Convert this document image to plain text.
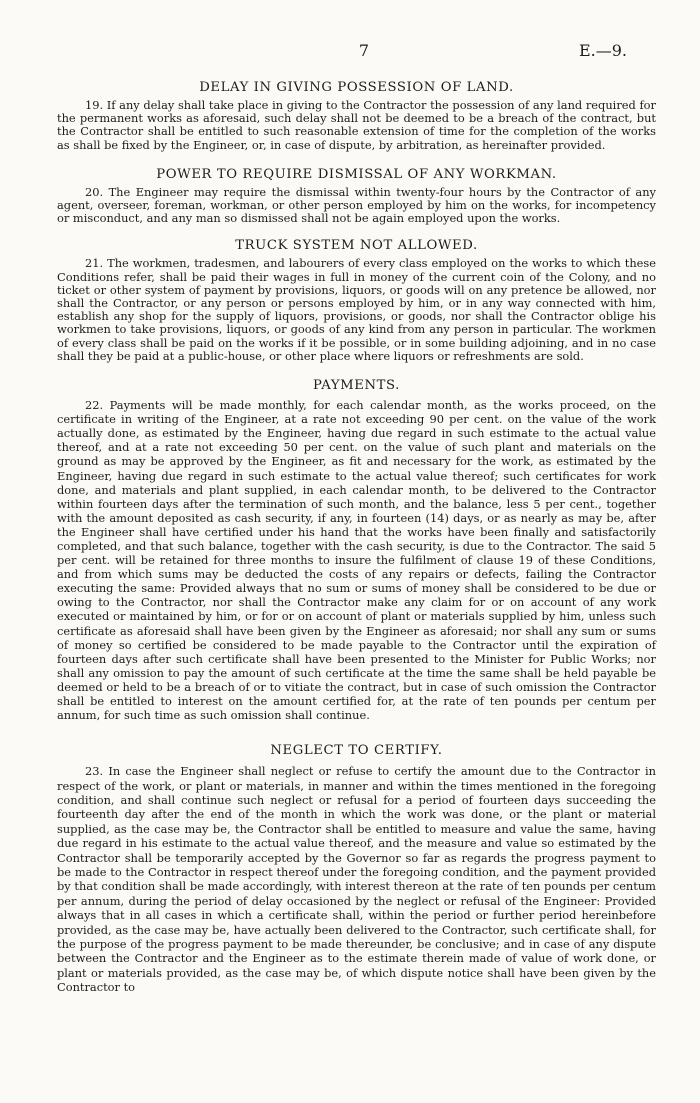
7	E.—9.

DELAY IN GIVING POSSESSION OF LAND.

19. If any delay shall take place in giving to the Contractor the possession of any land required for the permanent works as aforesaid, such delay shall not be deemed to be a breach of the contract, but the Contractor shall be entitled to such reasonable extension of time for the completion of the works as shall be fixed by the Engineer, or, in case of dispute, by arbitration, as hereinafter provided.

POWER TO REQUIRE DISMISSAL OF ANY WORKMAN.

20. The Engineer may require the dismissal within twenty-four hours by the Contractor of any agent, overseer, foreman, workman, or other person employed by him on the works, for incompetency or misconduct, and any man so dismissed shall not be again employed upon the works.

TRUCK SYSTEM NOT ALLOWED.

21. The workmen, tradesmen, and labourers of every class employed on the works to which these Conditions refer, shall be paid their wages in full in money of the current coin of the Colony, and no ticket or other system of payment by provisions, liquors, or goods will on any pretence be allowed, nor shall the Contractor, or any person or persons employed by him, or in any way connected with him, establish any shop for the supply of liquors, provisions, or goods, nor shall the Contractor oblige his workmen to take provisions, liquors, or goods of any kind from any person in particular. The workmen of every class shall be paid on the works if it be possible, or in some building adjoining, and in no case shall they be paid at a public-house, or other place where liquors or refreshments are sold.

PAYMENTS.

22. Payments will be made monthly, for each calendar month, as the works proceed, on the certificate in writing of the Engineer, at a rate not exceeding 90 per cent. on the value of the work actually done, as estimated by the Engineer, having due regard in such estimate to the actual value thereof, and at a rate not exceeding 50 per cent. on the value of such plant and materials on the ground as may be approved by the Engineer, as fit and necessary for the work, as estimated by the Engineer, having due regard in such estimate to the actual value thereof; such certificates for work done, and materials and plant supplied, in each calendar month, to be delivered to the Contractor within fourteen days after the termination of such month, and the balance, less 5 per cent., together with the amount deposited as cash security, if any, in fourteen (14) days, or as nearly as may be, after the Engineer shall have certified under his hand that the works have been finally and satisfactorily completed, and that such balance, together with the cash security, is due to the Contractor. The said 5 per cent. will be retained for three months to insure the fulfilment of clause 19 of these Conditions, and from which sums may be deducted the costs of any repairs or defects, failing the Contractor executing the same: Provided always that no sum or sums of money shall be considered to be due or owing to the Contractor, nor shall the Contractor make any claim for or on account of any work executed or maintained by him, or for or on account of plant or materials supplied by him, unless such certificate as aforesaid shall have been given by the Engineer as aforesaid; nor shall any sum or sums of money so certified be considered to be made payable to the Contractor until the expiration of fourteen days after such certificate shall have been presented to the Minister for Public Works; nor shall any omission to pay the amount of such certificate at the time the same shall be held payable be deemed or held to be a breach of or to vitiate the contract, but in case of such omission the Contractor shall be entitled to interest on the amount certified for, at the rate of ten pounds per centum per annum, for such time as such omission shall continue.

NEGLECT TO CERTIFY.

23. In case the Engineer shall neglect or refuse to certify the amount due to the Contractor in respect of the work, or plant or materials, in manner and within the times mentioned in the foregoing condition, and shall continue such neglect or refusal for a period of fourteen days succeeding the fourteenth day after the end of the month in which the work was done, or the plant or material supplied, as the case may be, the Contractor shall be entitled to measure and value the same, having due regard in his estimate to the actual value thereof, and the measure and value so estimated by the Contractor shall be temporarily accepted by the Governor so far as regards the progress payment to be made to the Contractor in respect thereof under the foregoing condition, and the payment provided by that condition shall be made accordingly, with interest thereon at the rate of ten pounds per centum per annum, during the period of delay occasioned by the neglect or refusal of the Engineer: Provided always that in all cases in which a certificate shall, within the period or further period hereinbefore provided, as the case may be, have actually been delivered to the Contractor, such certificate shall, for the purpose of the progress payment to be made thereunder, be conclusive; and in case of any dispute between the Contractor and the Engineer as to the estimate therein made of value of work done, or plant or materials provided, as the case may be, of which dispute notice shall have been given by the Contractor to
